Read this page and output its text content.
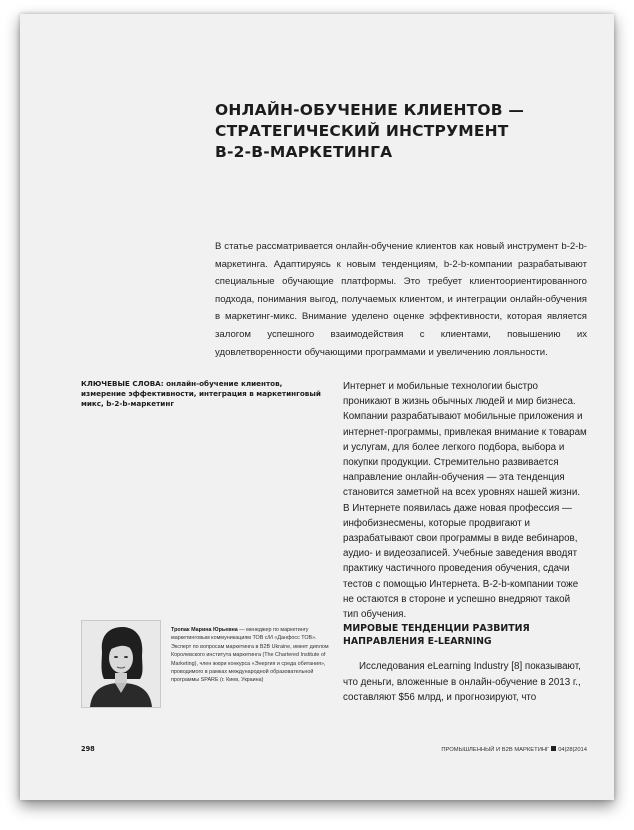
ОНЛАЙН-ОБУЧЕНИЕ КЛИЕНТОВ —
СТРАТЕГИЧЕСКИЙ ИНСТРУМЕНТ
B-2-B-МАРКЕТИНГА

В статье рассматривается онлайн-обучение клиентов как новый инструмент b-2-b-маркетинга. Адаптируясь к новым тенденциям, b-2-b-компании разрабатывают специальные обучающие платформы. Это требует клиентоориентированного подхода, понимания выгод, получаемых клиентом, и интеграции онлайн-обучения в маркетинг-микс. Внимание уделено оценке эффективности, которая является залогом успешного взаимодействия с клиентами, повышению их удовлетворенности обучающими программами и увеличению лояльности.

КЛЮЧЕВЫЕ СЛОВА: онлайн-обучение клиентов, измерение эффективности, интеграция в маркетинговый микс, b-2-b-маркетинг

Интернет и мобильные технологии быстро проникают в жизнь обычных людей и мир бизнеса. Компании разрабатывают мобильные приложения и интернет-программы, привлекая внимание к товарам и услугам, для более легкого подбора, выбора и покупки продукции. Стремительно развивается направление онлайн-обучения — эта тенденция становится заметной на всех уровнях нашей жизни. В Интернете появилась даже новая профессия — инфобизнесмены, которые продвигают и разрабатывают свои программы в виде вебинаров, аудио- и видеозаписей. Учебные заведения вводят практику частичного проведения обучения, сдачи тестов с помощью Интернета. B-2-b-компании тоже не остаются в стороне и успешно внедряют такой тип обучения.

МИРОВЫЕ ТЕНДЕНЦИИ РАЗВИТИЯ
НАПРАВЛЕНИЯ E-LEARNING

Исследования eLearning Industry [8] показывают, что деньги, вложенные в онлайн-обучение в 2013 г., составляют $56 млрд, и прогнозируют, что

Тропак Марина Юрьевна — менеджер по маркетингу маркетинговым коммуникациям ТОВ с/И «Данфосс ТОВ». Эксперт по вопросам маркетинга в B2B Ukraine, имеет диплом Королевского института маркетинга (The Chartered Institute of Marketing), член жюри конкурса «Энергия и среда обитания», проводимого в рамках международной образовательной программы SPARE (г. Киев, Украина)

298	ПРОМЫШЛЕННЫЙ И B2B МАРКЕТИНГ 04|28|2014
